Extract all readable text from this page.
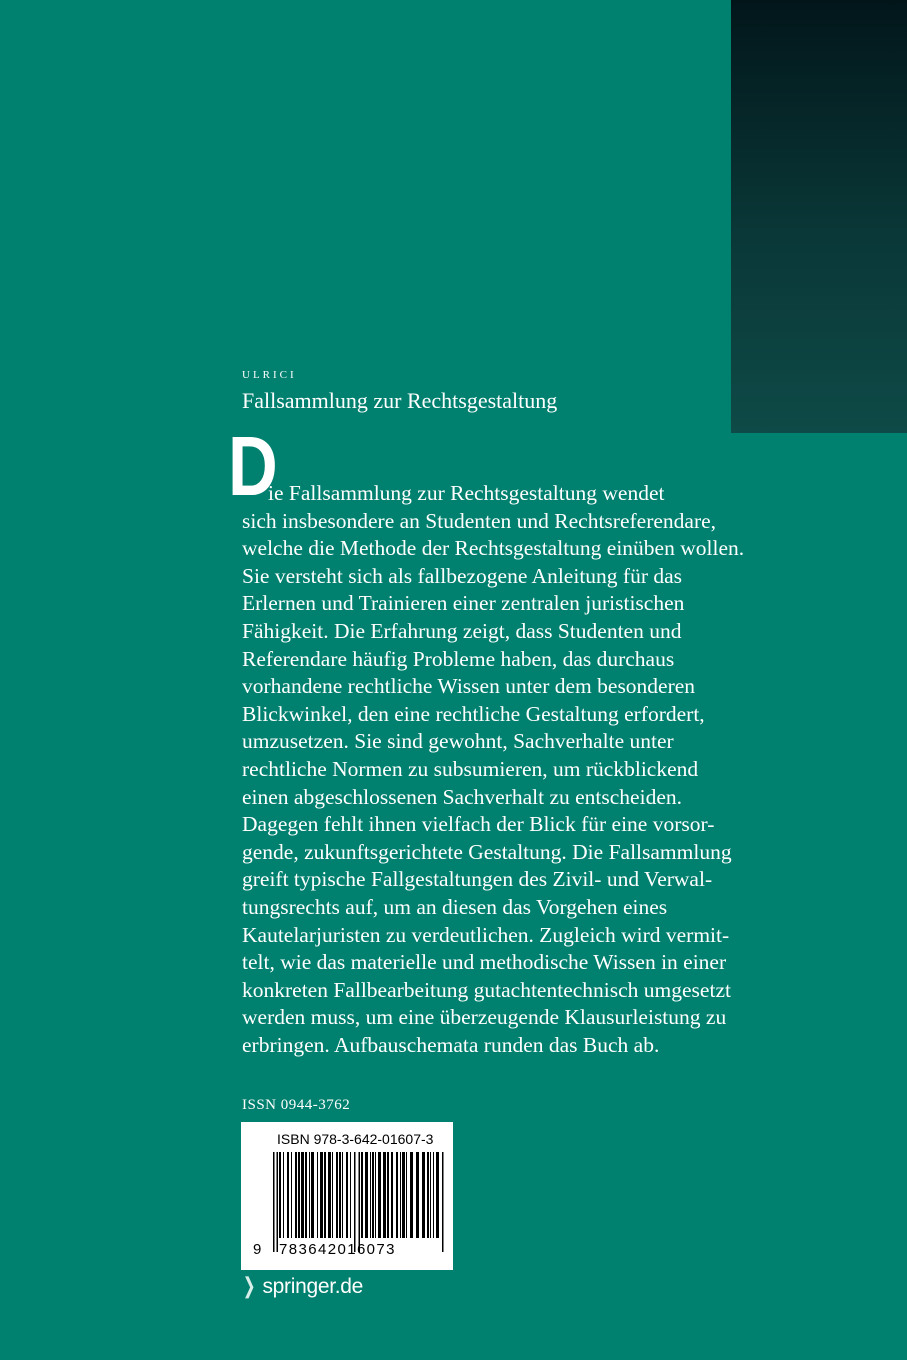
ulrici
Fallsammlung zur Rechtsgestaltung
D
ie Fallsammlung zur Rechtsgestaltung wendet
sich insbesondere an Studenten und Rechtsreferendare,
welche die Methode der Rechtsgestaltung einüben wollen.
Sie versteht sich als fallbezogene Anleitung für das
Erlernen und Trainieren einer zentralen juristischen
Fähigkeit. Die Erfahrung zeigt, dass Studenten und
Referendare häufig Probleme haben, das durchaus
vorhandene rechtliche Wissen unter dem besonderen
Blickwinkel, den eine rechtliche Gestaltung erfordert,
umzusetzen. Sie sind gewohnt, Sachverhalte unter
rechtliche Normen zu subsumieren, um rückblickend
einen abgeschlossenen Sachverhalt zu entscheiden.
Dagegen fehlt ihnen vielfach der Blick für eine vorsor-
gende, zukunftsgerichtete Gestaltung. Die Fallsammlung
greift typische Fallgestaltungen des Zivil- und Verwal-
tungsrechts auf, um an diesen das Vorgehen eines
Kautelarjuristen zu verdeutlichen. Zugleich wird vermit-
telt, wie das materielle und methodische Wissen in einer
konkreten Fallbearbeitung gutachtentechnisch umgesetzt
werden muss, um eine überzeugende Klausurleistung zu
erbringen. Aufbauschemata runden das Buch ab.
ISSN 0944-3762
ISBN 978-3-642-01607-3
9 783642016073
❯ springer.de
